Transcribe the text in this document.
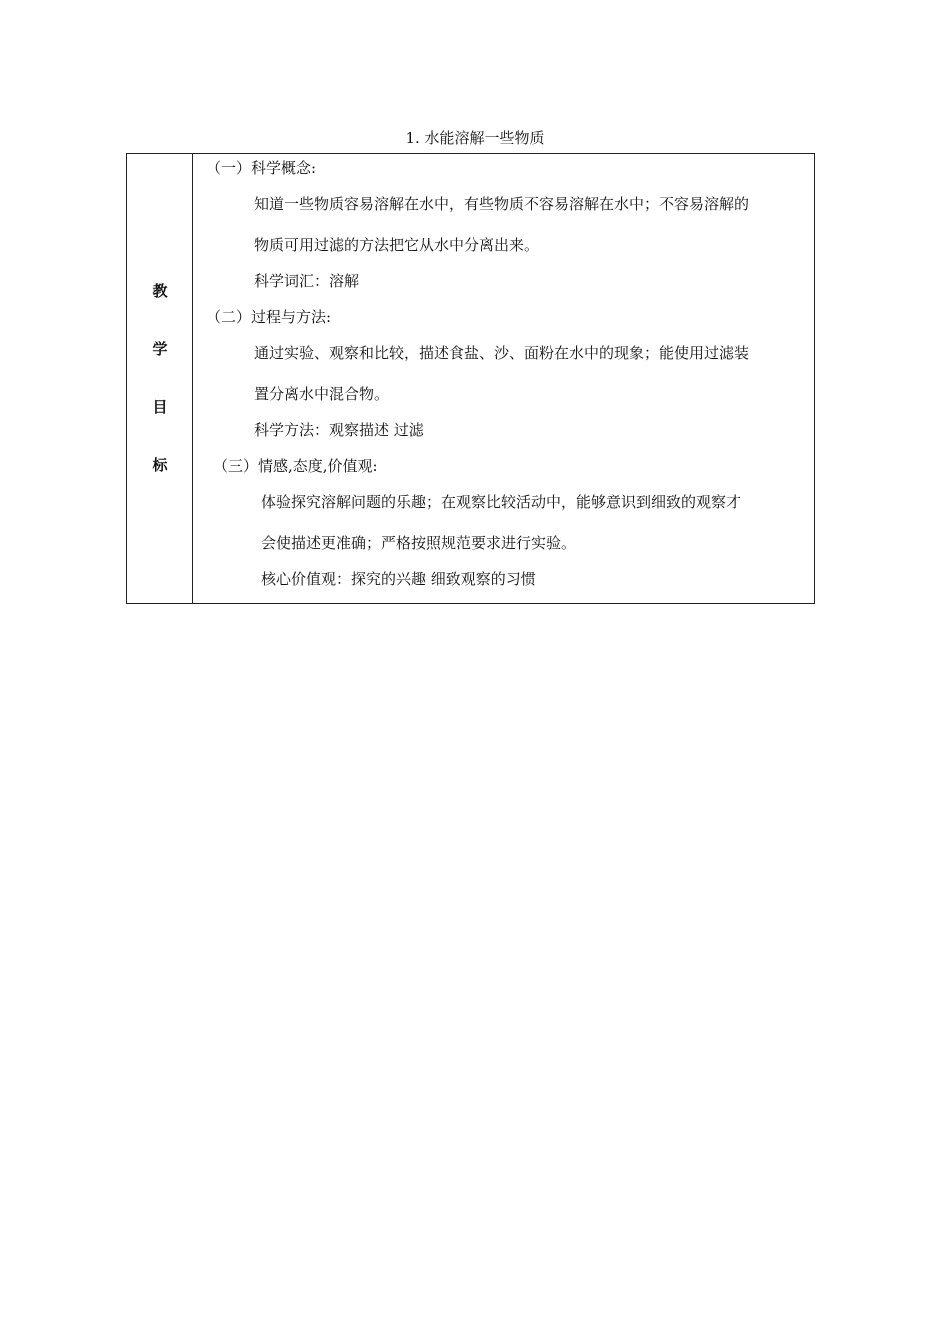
1. 水能溶解一些物质
教
学
目
标
（一）科学概念:
知道一些物质容易溶解在水中，有些物质不容易溶解在水中；不容易溶解的
物质可用过滤的方法把它从水中分离出来。
科学词汇：溶解
（二）过程与方法:
通过实验、观察和比较，描述食盐、沙、面粉在水中的现象；能使用过滤装
置分离水中混合物。
科学方法：观察描述 过滤
（三）情感,态度,价值观:
体验探究溶解问题的乐趣；在观察比较活动中，能够意识到细致的观察才
会使描述更准确；严格按照规范要求进行实验。
核心价值观：探究的兴趣 细致观察的习惯
